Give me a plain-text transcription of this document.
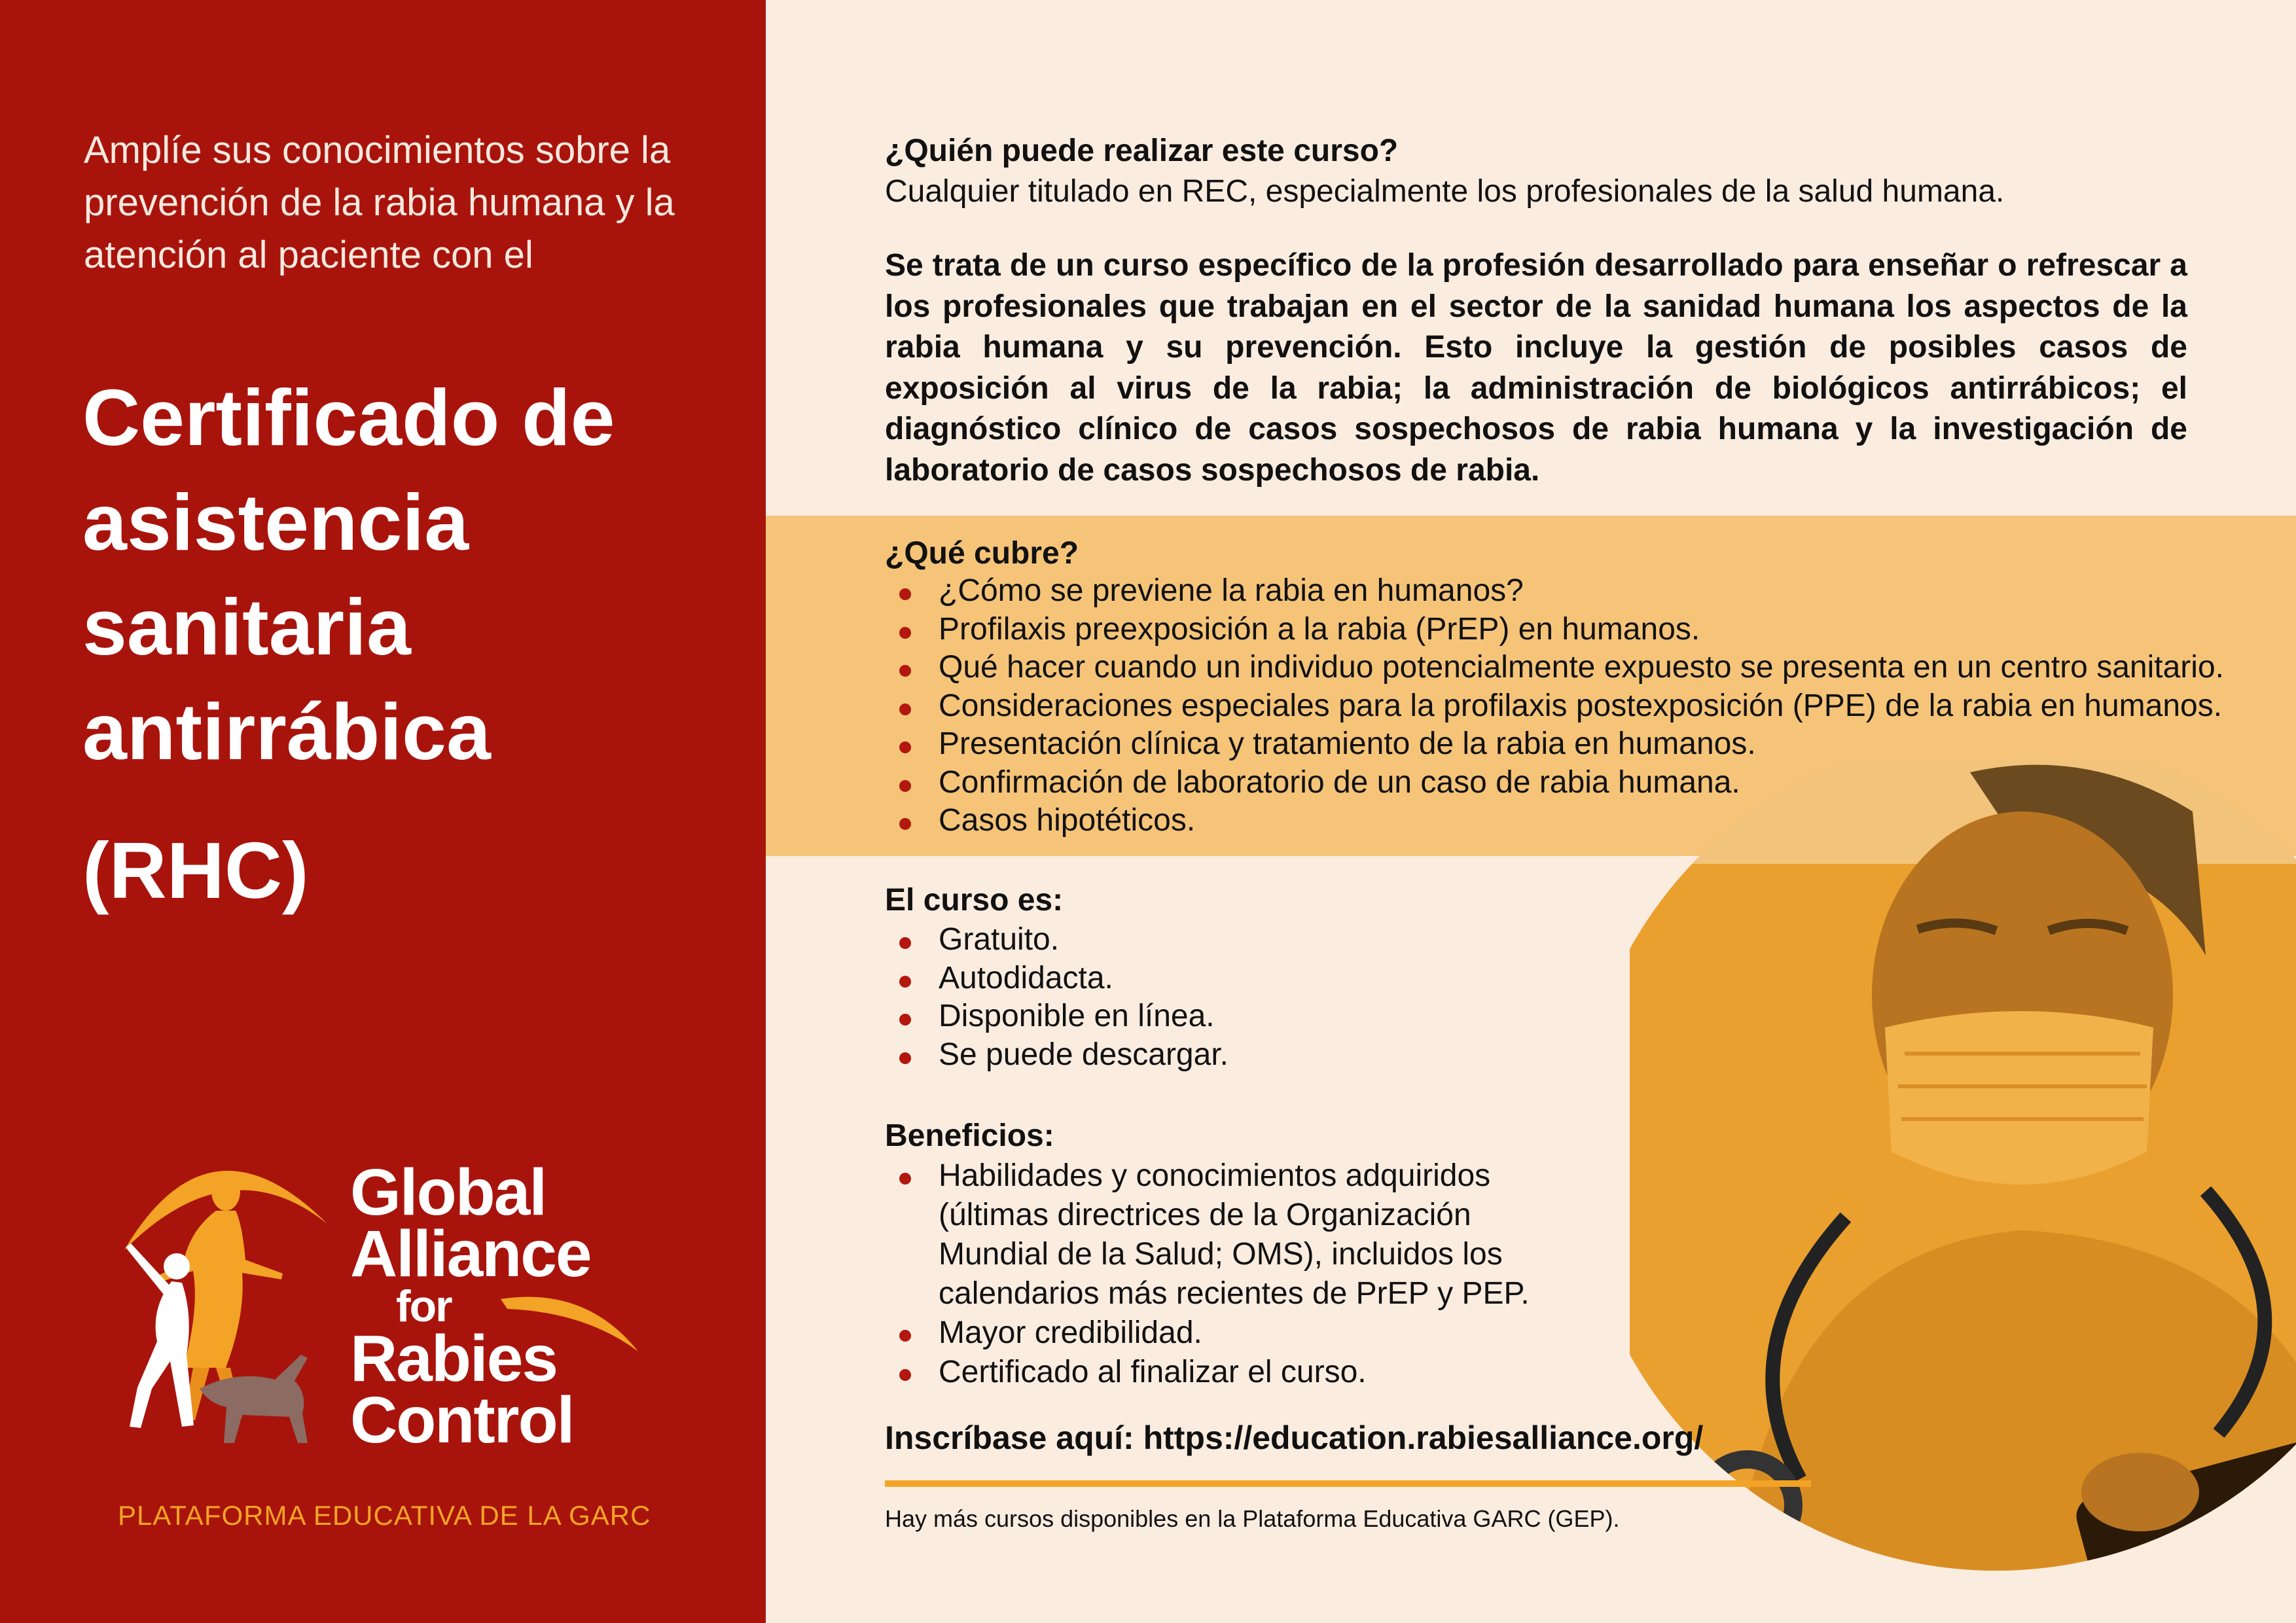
Amplíe sus conocimientos sobre la prevención de la rabia humana y la atención al paciente con el

Certificado de asistencia sanitaria antirrábica
(RHC)
Global
Alliance
for
Rabies
Control
PLATAFORMA EDUCATIVA DE LA GARC
¿Quién puede realizar este curso?

Cualquier titulado en REC, especialmente los profesionales de la salud humana.

Se trata de un curso específico de la profesión desarrollado para enseñar o refrescar a los profesionales que trabajan en el sector de la sanidad humana los aspectos de la rabia humana y su prevención. Esto incluye la gestión de posibles casos de exposición al virus de la rabia; la administración de biológicos antirrábicos; el diagnóstico clínico de casos sospechosos de rabia humana y la investigación de laboratorio de casos sospechosos de rabia.

¿Qué cubre?
¿Cómo se previene la rabia en humanos?
Profilaxis preexposición a la rabia (PrEP) en humanos.
Qué hacer cuando un individuo potencialmente expuesto se presenta en un centro sanitario.
Consideraciones especiales para la profilaxis postexposición (PPE) de la rabia en humanos.
Presentación clínica y tratamiento de la rabia en humanos.
Confirmación de laboratorio de un caso de rabia humana.
Casos hipotéticos.
El curso es:
Gratuito.
Autodidacta.
Disponible en línea.
Se puede descargar.
Beneficios:
Habilidades y conocimientos adquiridos
(últimas directrices de la Organización
Mundial de la Salud; OMS), incluidos los
calendarios más recientes de PrEP y PEP.
Mayor credibilidad.
Certificado al finalizar el curso.
Inscríbase aquí: https://education.rabiesalliance.org/
Hay más cursos disponibles en la Plataforma Educativa GARC (GEP).
